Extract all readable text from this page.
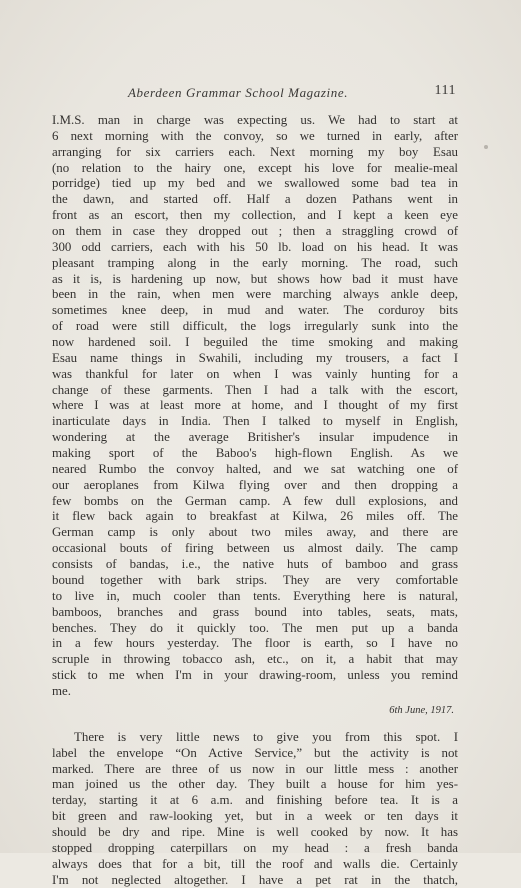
Aberdeen Grammar School Magazine.	111
I.M.S. man in charge was expecting us. We had to start at
6 next morning with the convoy, so we turned in early, after
arranging for six carriers each. Next morning my boy Esau
(no relation to the hairy one, except his love for mealie-meal
porridge) tied up my bed and we swallowed some bad tea in
the dawn, and started off. Half a dozen Pathans went in
front as an escort, then my collection, and I kept a keen eye
on them in case they dropped out ; then a straggling crowd of
300 odd carriers, each with his 50 lb. load on his head. It was
pleasant tramping along in the early morning. The road, such
as it is, is hardening up now, but shows how bad it must have
been in the rain, when men were marching always ankle deep,
sometimes knee deep, in mud and water. The corduroy bits
of road were still difficult, the logs irregularly sunk into the
now hardened soil. I beguiled the time smoking and making
Esau name things in Swahili, including my trousers, a fact I
was thankful for later on when I was vainly hunting for a
change of these garments. Then I had a talk with the escort,
where I was at least more at home, and I thought of my first
inarticulate days in India. Then I talked to myself in English,
wondering at the average Britisher's insular impudence in
making sport of the Baboo's high-flown English. As we
neared Rumbo the convoy halted, and we sat watching one of
our aeroplanes from Kilwa flying over and then dropping a
few bombs on the German camp. A few dull explosions, and
it flew back again to breakfast at Kilwa, 26 miles off. The
German camp is only about two miles away, and there are
occasional bouts of firing between us almost daily. The camp
consists of bandas, i.e., the native huts of bamboo and grass
bound together with bark strips. They are very comfortable
to live in, much cooler than tents. Everything here is natural,
bamboos, branches and grass bound into tables, seats, mats,
benches. They do it quickly too. The men put up a banda
in a few hours yesterday. The floor is earth, so I have no
scruple in throwing tobacco ash, etc., on it, a habit that may
stick to me when I'm in your drawing-room, unless you remind
me.
6th June, 1917.
There is very little news to give you from this spot. I
label the envelope “On Active Service,” but the activity is not
marked. There are three of us now in our little mess : another
man joined us the other day. They built a house for him yes-
terday, starting it at 6 a.m. and finishing before tea. It is a
bit green and raw-looking yet, but in a week or ten days it
should be dry and ripe. Mine is well cooked by now. It has
stopped dropping caterpillars on my head : a fresh banda
always does that for a bit, till the roof and walls die. Certainly
I'm not neglected altogether. I have a pet rat in the thatch,
